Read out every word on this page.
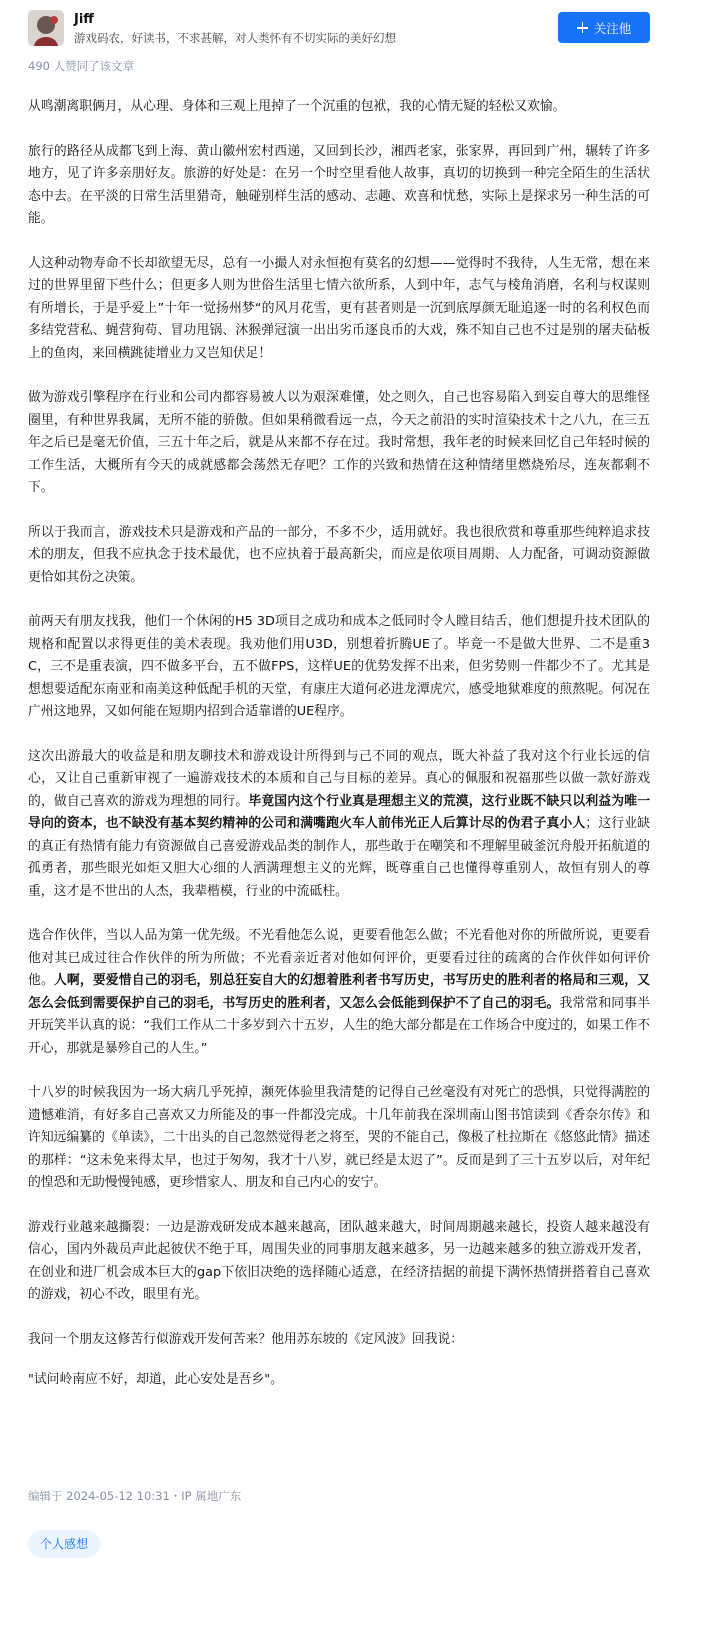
Jiff
游戏码农，好读书，不求甚解，对人类怀有不切实际的美好幻想
关注他
490 人赞同了该文章

从鸣潮离职俩月，从心理、身体和三观上甩掉了一个沉重的包袱，我的心情无疑的轻松又欢愉。

旅行的路径从成都飞到上海、黄山徽州宏村西递，又回到长沙，湘西老家，张家界，再回到广州，辗转了许多地方，见了许多亲朋好友。旅游的好处是：在另一个时空里看他人故事，真切的切换到一种完全陌生的生活状态中去。在平淡的日常生活里猎奇，触碰别样生活的感动、志趣、欢喜和忧愁，实际上是探求另一种生活的可能。

人这种动物寿命不长却欲望无尽，总有一小撮人对永恒抱有莫名的幻想——觉得时不我待，人生无常，想在来过的世界里留下些什么；但更多人则为世俗生活里七情六欲所系，人到中年，志气与棱角消磨，名利与权谋则有所增长，于是乎爱上”十年一觉扬州梦“的风月花雪，更有甚者则是一沉到底厚颜无耻追逐一时的名利权色而多结党营私、蝇营狗苟、冒功甩锅、沐猴弹冠演一出出劣币逐良币的大戏，殊不知自己也不过是别的屠夫砧板上的鱼肉，来回横跳徒增业力又岂知伏足！

做为游戏引擎程序在行业和公司内都容易被人以为艰深难懂，处之则久，自己也容易陷入到妄自尊大的思维怪圈里，有种世界我属，无所不能的骄傲。但如果稍微看远一点，今天之前沿的实时渲染技术十之八九，在三五年之后已是毫无价值，三五十年之后，就是从来都不存在过。我时常想，我年老的时候来回忆自己年轻时候的工作生活，大概所有今天的成就感都会荡然无存吧？工作的兴致和热情在这种情绪里燃烧殆尽，连灰都剩不下。

所以于我而言，游戏技术只是游戏和产品的一部分，不多不少，适用就好。我也很欣赏和尊重那些纯粹追求技术的朋友，但我不应执念于技术最优，也不应执着于最高新尖，而应是依项目周期、人力配备，可调动资源做更恰如其份之决策。

前两天有朋友找我，他们一个休闲的H5 3D项目之成功和成本之低同时令人瞠目结舌，他们想提升技术团队的规格和配置以求得更佳的美术表现。我劝他们用U3D，别想着折腾UE了。毕竟一不是做大世界、二不是重3C，三不是重表演，四不做多平台，五不做FPS，这样UE的优势发挥不出来，但劣势则一件都少不了。尤其是想想要适配东南亚和南美这种低配手机的天堂，有康庄大道何必进龙潭虎穴，感受地狱难度的煎熬呢。何况在广州这地界，又如何能在短期内招到合适靠谱的UE程序。

这次出游最大的收益是和朋友聊技术和游戏设计所得到与己不同的观点，既大补益了我对这个行业长远的信心，又让自己重新审视了一遍游戏技术的本质和自己与目标的差异。真心的佩服和祝福那些以做一款好游戏的，做自己喜欢的游戏为理想的同行。毕竟国内这个行业真是理想主义的荒漠，这行业既不缺只以利益为唯一导向的资本，也不缺没有基本契约精神的公司和满嘴跑火车人前伟光正人后算计尽的伪君子真小人；这行业缺的真正有热情有能力有资源做自己喜爱游戏品类的制作人，那些敢于在嘲笑和不理解里破釜沉舟般开拓航道的孤勇者，那些眼光如炬又胆大心细的人洒满理想主义的光辉，既尊重自己也懂得尊重别人，故恒有别人的尊重，这才是不世出的人杰，我辈楷模，行业的中流砥柱。

选合作伙伴，当以人品为第一优先级。不光看他怎么说，更要看他怎么做；不光看他对你的所做所说，更要看他对其已成过往合作伙伴的所为所做；不光看亲近者对他如何评价，更要看过往的疏离的合作伙伴如何评价他。人啊，要爱惜自己的羽毛，别总狂妄自大的幻想着胜利者书写历史，书写历史的胜利者的格局和三观，又怎么会低到需要保护自己的羽毛，书写历史的胜利者，又怎么会低能到保护不了自己的羽毛。我常常和同事半开玩笑半认真的说：“我们工作从二十多岁到六十五岁，人生的绝大部分都是在工作场合中度过的，如果工作不开心，那就是暴殄自己的人生。”

十八岁的时候我因为一场大病几乎死掉，濒死体验里我清楚的记得自己丝毫没有对死亡的恐惧，只觉得满腔的遗憾难消，有好多自己喜欢又力所能及的事一件都没完成。十几年前我在深圳南山图书馆读到《香奈尔传》和许知远编纂的《单读》，二十出头的自己忽然觉得老之将至，哭的不能自己，像极了杜拉斯在《悠悠此情》描述的那样：“这未免来得太早，也过于匆匆，我才十八岁，就已经是太迟了”。反而是到了三十五岁以后，对年纪的惶恐和无助慢慢钝感，更珍惜家人、朋友和自己内心的安宁。

游戏行业越来越撕裂：一边是游戏研发成本越来越高，团队越来越大，时间周期越来越长，投资人越来越没有信心，国内外裁员声此起彼伏不绝于耳，周围失业的同事朋友越来越多，另一边越来越多的独立游戏开发者，在创业和进厂机会成本巨大的gap下依旧决绝的选择随心适意，在经济拮据的前提下满怀热情拼搭着自己喜欢的游戏，初心不改，眼里有光。

我问一个朋友这修苦行似游戏开发何苦来？他用苏东坡的《定风波》回我说：

"试问岭南应不好，却道，此心安处是吾乡"。

编辑于 2024-05-12 10:31・IP 属地广东
个人感想
